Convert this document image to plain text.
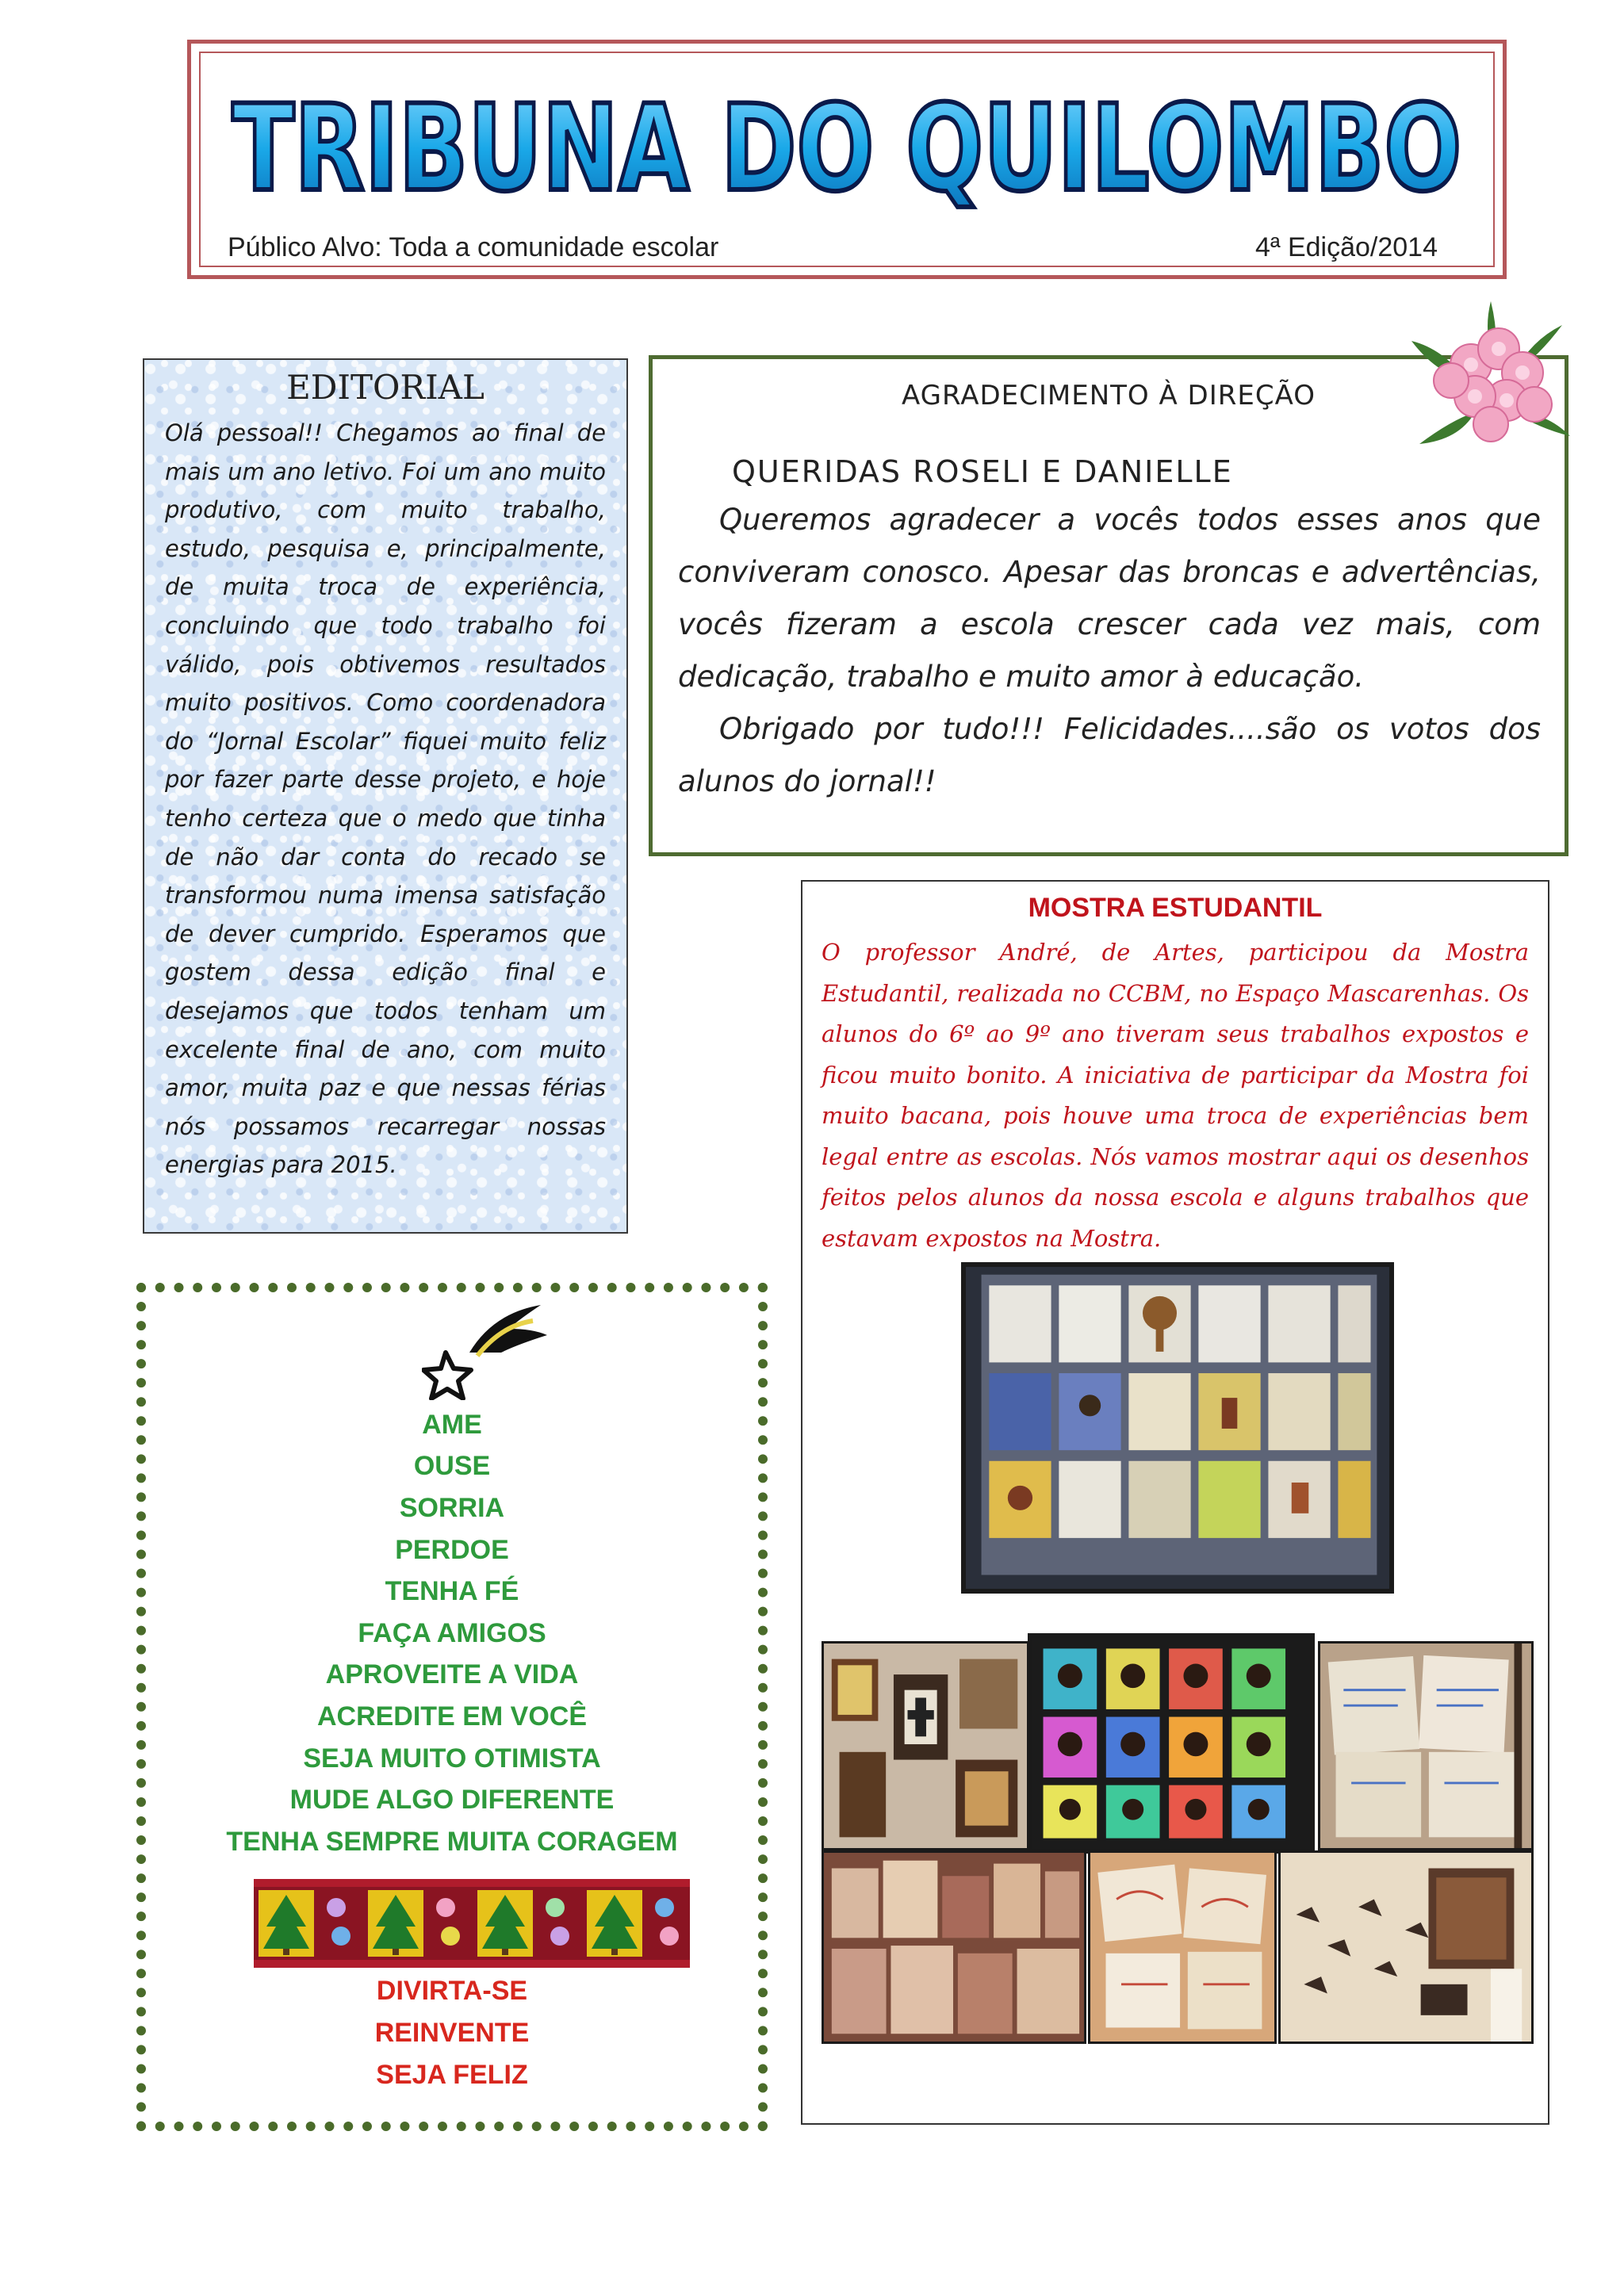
TRIBUNA DO QUILOMBO
Público Alvo: Toda a comunidade escolar	4ª Edição/2014
EDITORIAL
Olá pessoal!! Chegamos ao final de mais um ano letivo. Foi um ano muito produtivo, com muito trabalho, estudo, pesquisa e, principalmente, de muita troca de experiência, concluindo que todo trabalho foi válido, pois obtivemos resultados muito positivos. Como coordenadora do “Jornal Escolar” fiquei muito feliz por fazer parte desse projeto, e hoje tenho certeza que o medo que tinha de não dar conta do recado se transformou numa imensa satisfação de dever cumprido. Esperamos que gostem dessa edição final e desejamos que todos tenham um excelente final de ano, com muito amor, muita paz e que nessas férias nós possamos recarregar nossas energias para 2015.
AGRADECIMENTO À DIREÇÃO
QUERIDAS ROSELI E DANIELLE

Queremos agradecer a vocês todos esses anos que conviveram conosco. Apesar das broncas e advertências, vocês fizeram a escola crescer cada vez mais, com dedicação, trabalho e muito amor à educação.

Obrigado por tudo!!! Felicidades....são os votos dos alunos do jornal!!

MOSTRA ESTUDANTIL
O professor André, de Artes, participou da Mostra Estudantil, realizada no CCBM, no Espaço Mascarenhas. Os alunos do 6º ao 9º ano tiveram seus trabalhos expostos e ficou muito bonito. A iniciativa de participar da Mostra foi muito bacana, pois houve uma troca de experiências bem legal entre as escolas. Nós vamos mostrar aqui os desenhos feitos pelos alunos da nossa escola e alguns trabalhos que estavam expostos na Mostra.
AME
OUSE
SORRIA
PERDOE
TENHA FÉ
FAÇA AMIGOS
APROVEITE A VIDA
ACREDITE EM VOCÊ
SEJA MUITO OTIMISTA
MUDE ALGO DIFERENTE
TENHA SEMPRE MUITA CORAGEM
DIVIRTA-SE
REINVENTE
SEJA FELIZ
